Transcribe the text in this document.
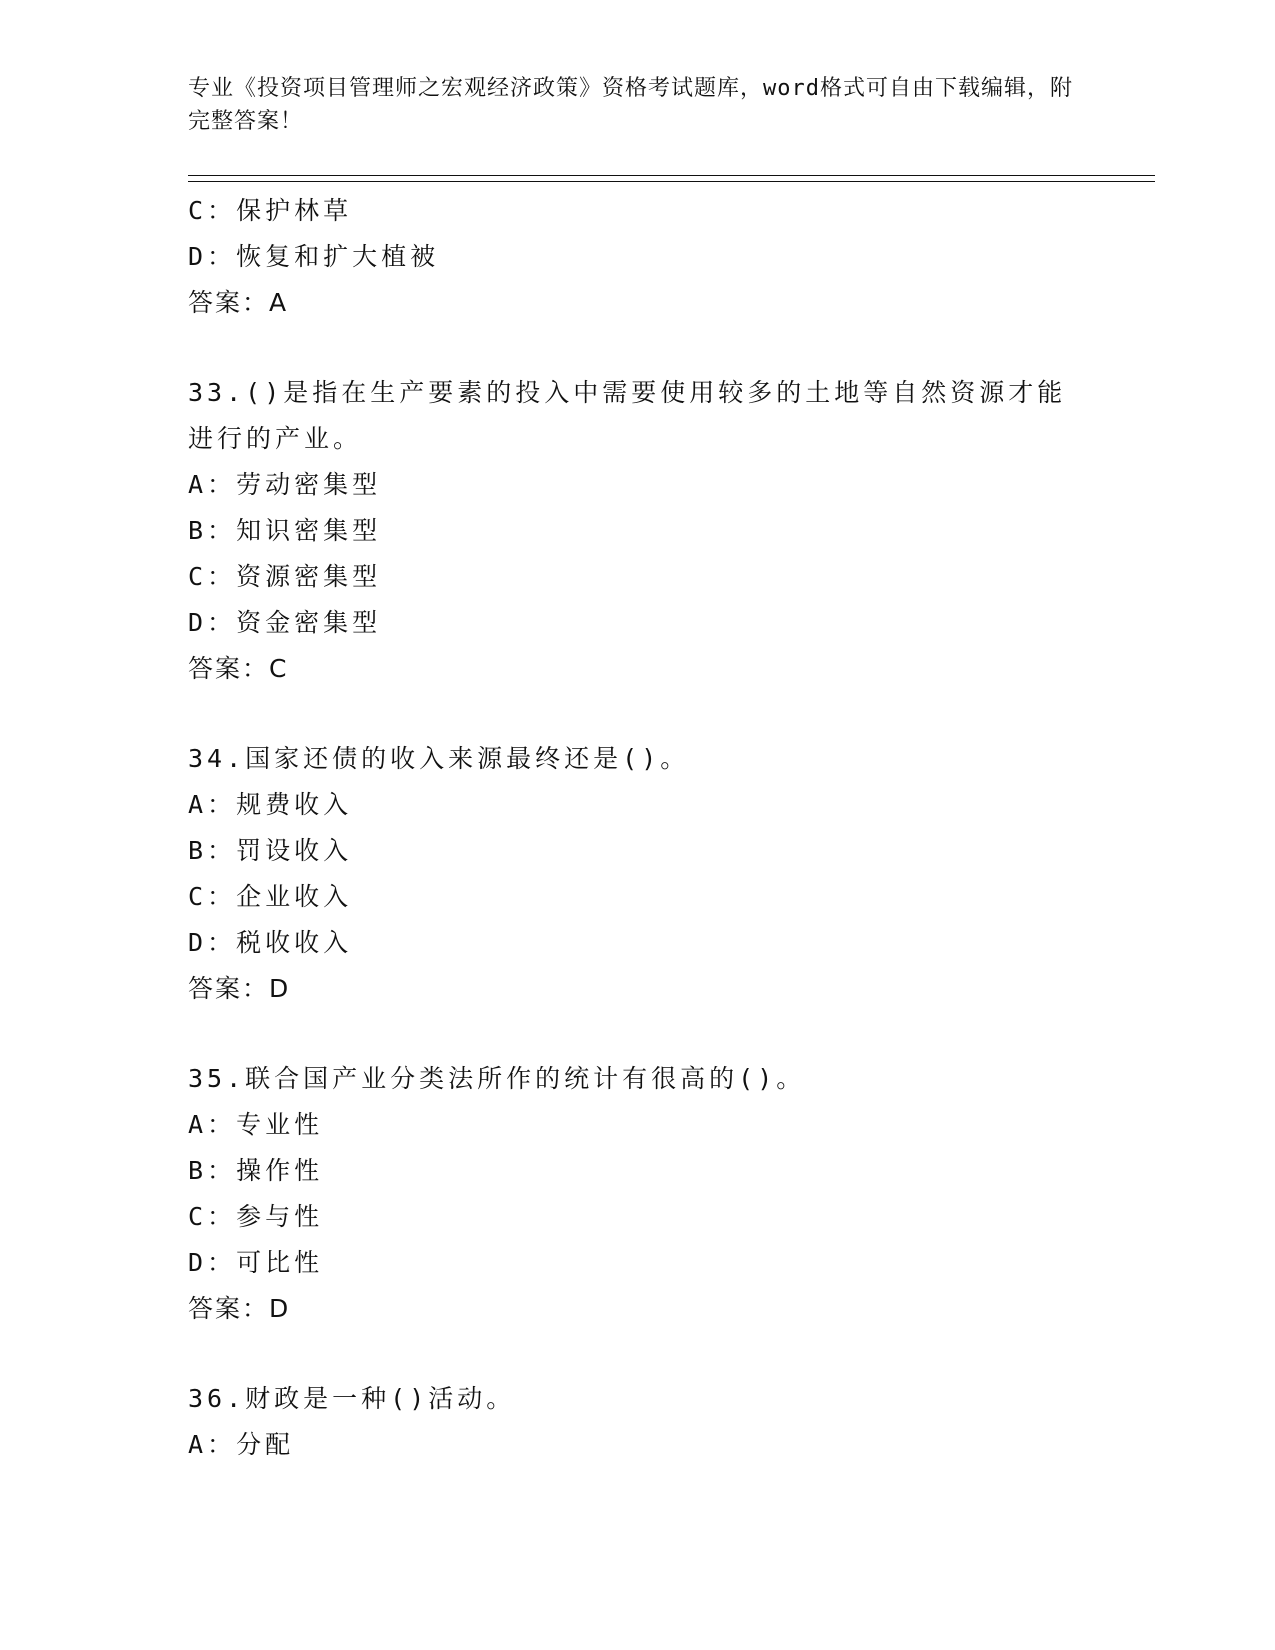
专业《投资项目管理师之宏观经济政策》资格考试题库，word格式可自由下载编辑，附完整答案！
C：保护林草
D：恢复和扩大植被
答案：A
33.()是指在生产要素的投入中需要使用较多的土地等自然资源才能进行的产业。
A：劳动密集型
B：知识密集型
C：资源密集型
D：资金密集型
答案：C
34.国家还债的收入来源最终还是()。
A：规费收入
B：罚设收入
C：企业收入
D：税收收入
答案：D
35.联合国产业分类法所作的统计有很高的()。
A：专业性
B：操作性
C：参与性
D：可比性
答案：D
36.财政是一种()活动。
A：分配
